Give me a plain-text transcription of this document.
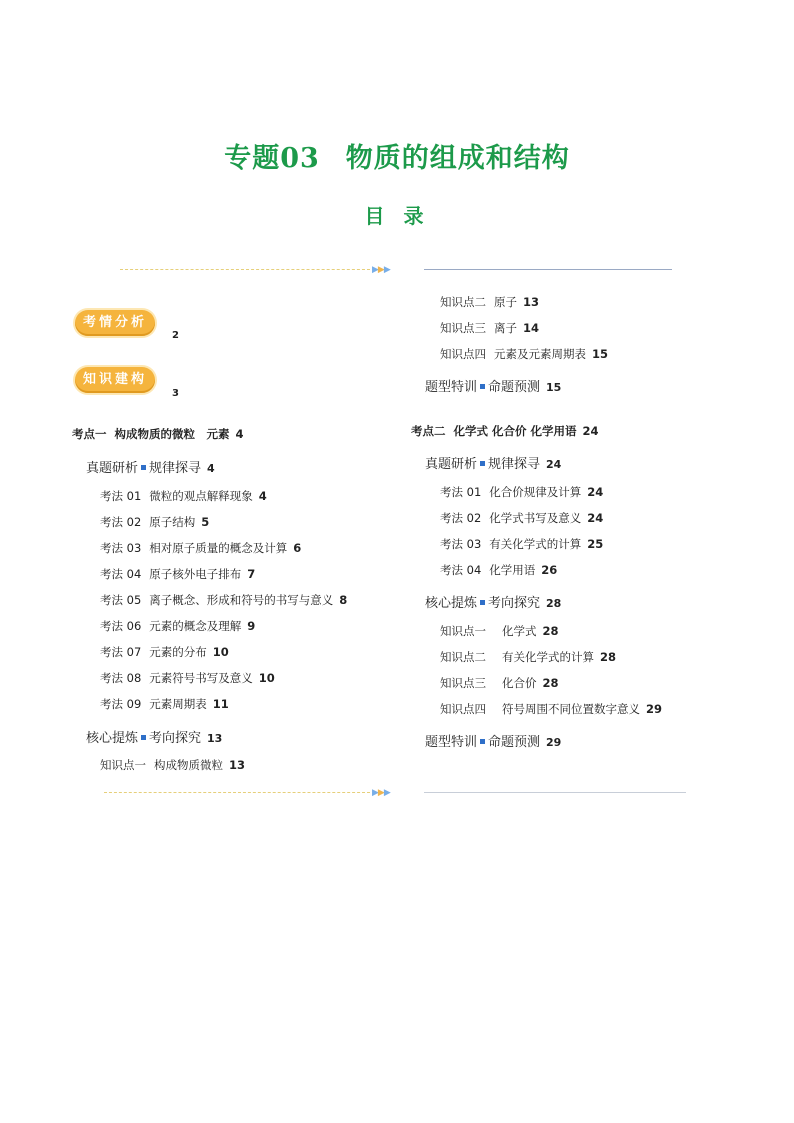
专题03 物质的组成和结构
目 录
▶▶▶
▶▶▶
考情分析
2
知识建构
3
考点一 构成物质的微粒　元素 4
真题研析 规律探寻 4
考法 01 微粒的观点解释现象 4
考法 02 原子结构 5
考法 03 相对原子质量的概念及计算 6
考法 04 原子核外电子排布 7
考法 05 离子概念、形成和符号的书写与意义 8
考法 06 元素的概念及理解 9
考法 07 元素的分布 10
考法 08 元素符号书写及意义 10
考法 09 元素周期表 11
核心提炼 考向探究 13
知识点一 构成物质微粒 13
知识点二 原子 13
知识点三 离子 14
知识点四 元素及元素周期表 15
题型特训 命题预测 15
考点二 化学式 化合价 化学用语 24
真题研析 规律探寻 24
考法 01 化合价规律及计算 24
考法 02 化学式书写及意义 24
考法 03 有关化学式的计算 25
考法 04 化学用语 26
核心提炼 考向探究 28
知识点一 化学式 28
知识点二 有关化学式的计算 28
知识点三 化合价 28
知识点四 符号周围不同位置数字意义 29
题型特训 命题预测 29
